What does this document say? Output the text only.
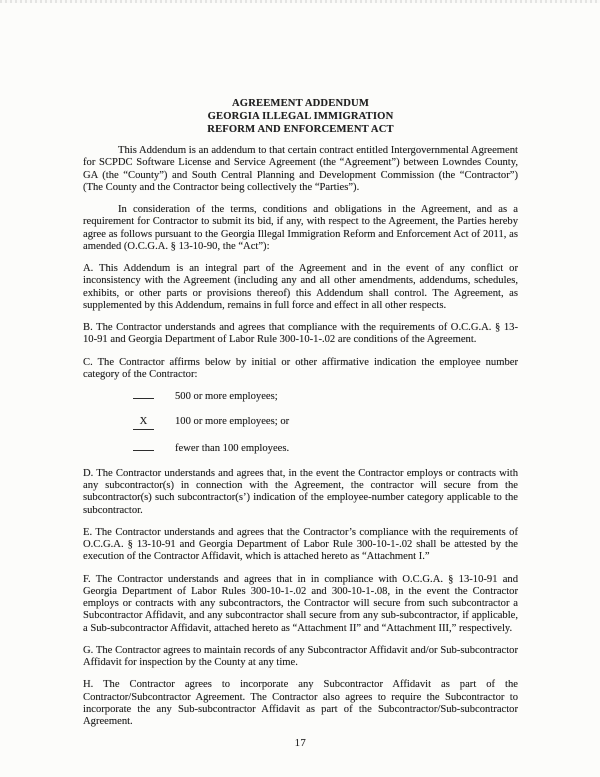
AGREEMENT ADDENDUM
GEORGIA ILLEGAL IMMIGRATION
REFORM AND ENFORCEMENT ACT

This Addendum is an addendum to that certain contract entitled Intergovernmental Agreement for SCPDC Software License and Service Agreement (the “Agreement”) between Lowndes County, GA (the “County”) and South Central Planning and Development Commission (the “Contractor”) (The County and the Contractor being collectively the “Parties”).

In consideration of the terms, conditions and obligations in the Agreement, and as a requirement for Contractor to submit its bid, if any, with respect to the Agreement, the Parties hereby agree as follows pursuant to the Georgia Illegal Immigration Reform and Enforcement Act of 2011, as amended (O.C.G.A. § 13-10-90, the “Act”):

A. This Addendum is an integral part of the Agreement and in the event of any conflict or inconsistency with the Agreement (including any and all other amendments, addendums, schedules, exhibits, or other parts or provisions thereof) this Addendum shall control. The Agreement, as supplemented by this Addendum, remains in full force and effect in all other respects.

B. The Contractor understands and agrees that compliance with the requirements of O.C.G.A. § 13-10-91 and Georgia Department of Labor Rule 300-10-1-.02 are conditions of the Agreement.

C. The Contractor affirms below by initial or other affirmative indication the employee number category of the Contractor:

500 or more employees;
X	100 or more employees; or
fewer than 100 employees.

D. The Contractor understands and agrees that, in the event the Contractor employs or contracts with any subcontractor(s) in connection with the Agreement, the contractor will secure from the subcontractor(s) such subcontractor(s’) indication of the employee-number category applicable to the subcontractor.

E. The Contractor understands and agrees that the Contractor’s compliance with the requirements of O.C.G.A. § 13-10-91 and Georgia Department of Labor Rule 300-10-1-.02 shall be attested by the execution of the Contractor Affidavit, which is attached hereto as “Attachment I.”

F. The Contractor understands and agrees that in in compliance with O.C.G.A. § 13-10-91 and Georgia Department of Labor Rules 300-10-1-.02 and 300-10-1-.08, in the event the Contractor employs or contracts with any subcontractors, the Contractor will secure from such subcontractor a Subcontractor Affidavit, and any subcontractor shall secure from any sub-subcontractor, if applicable, a Sub-subcontractor Affidavit, attached hereto as “Attachment II” and “Attachment III,” respectively.

G. The Contractor agrees to maintain records of any Subcontractor Affidavit and/or Sub-subcontractor Affidavit for inspection by the County at any time.

H. The Contractor agrees to incorporate any Subcontractor Affidavit as part of the Contractor/Subcontractor Agreement. The Contractor also agrees to require the Subcontractor to incorporate the any Sub-subcontractor Affidavit as part of the Subcontractor/Sub-subcontractor Agreement.

17
